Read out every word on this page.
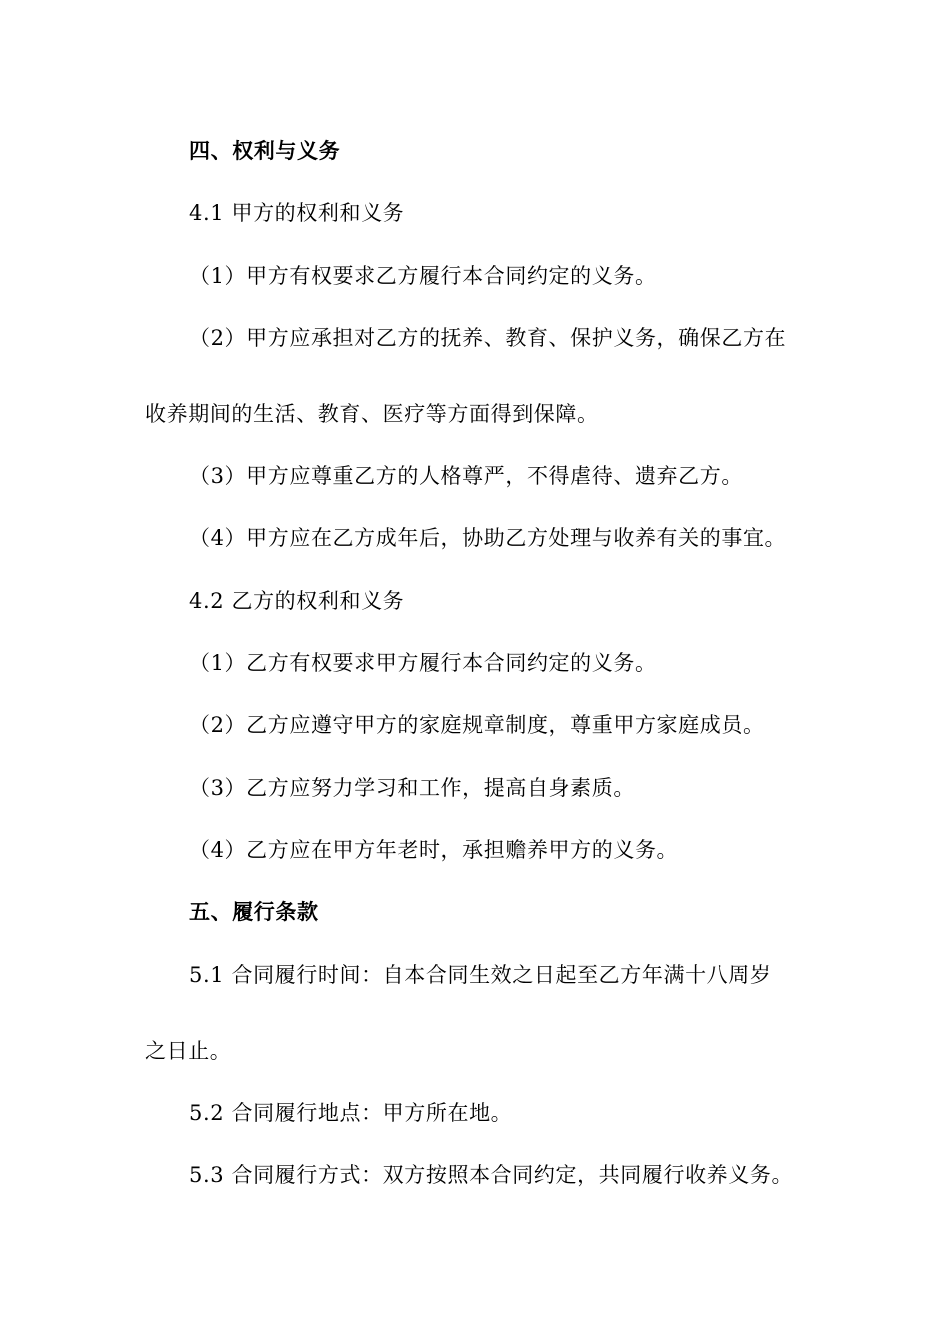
四、权利与义务
4.1 甲方的权利和义务
（1）甲方有权要求乙方履行本合同约定的义务。
（2）甲方应承担对乙方的抚养、教育、保护义务，确保乙方在
收养期间的生活、教育、医疗等方面得到保障。
（3）甲方应尊重乙方的人格尊严，不得虐待、遗弃乙方。
（4）甲方应在乙方成年后，协助乙方处理与收养有关的事宜。
4.2 乙方的权利和义务
（1）乙方有权要求甲方履行本合同约定的义务。
（2）乙方应遵守甲方的家庭规章制度，尊重甲方家庭成员。
（3）乙方应努力学习和工作，提高自身素质。
（4）乙方应在甲方年老时，承担赡养甲方的义务。
五、履行条款
5.1 合同履行时间：自本合同生效之日起至乙方年满十八周岁
之日止。
5.2 合同履行地点：甲方所在地。
5.3 合同履行方式：双方按照本合同约定，共同履行收养义务。
